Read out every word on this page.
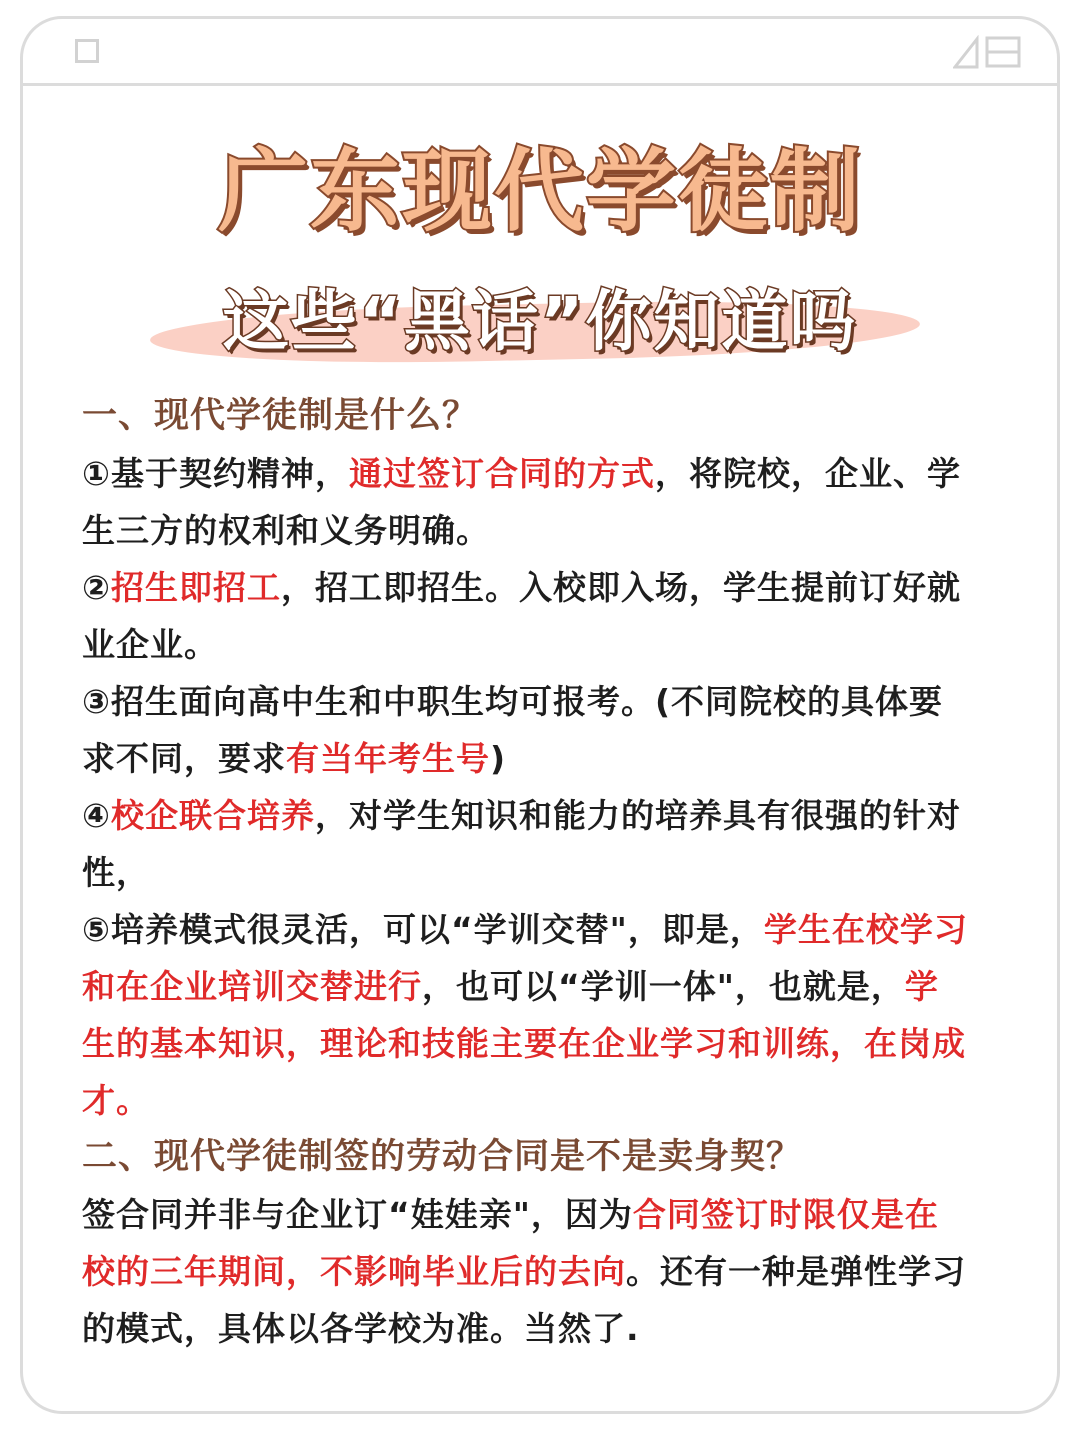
广东现代学徒制
这些“黑话”你知道吗

一、现代学徒制是什么？

①基于契约精神，通过签订合同的方式，将院校，企业、学生三方的权利和义务明确。

②招生即招工，招工即招生。入校即入场，学生提前订好就业企业。

③招生面向高中生和中职生均可报考。(不同院校的具体要求不同，要求有当年考生号)

④校企联合培养，对学生知识和能力的培养具有很强的针对性，

⑤培养模式很灵活，可以“学训交替"，即是，学生在校学习和在企业培训交替进行，也可以“学训一体"，也就是，学生的基本知识，理论和技能主要在企业学习和训练，在岗成才。

二、现代学徒制签的劳动合同是不是卖身契？

签合同并非与企业订“娃娃亲"，因为合同签订时限仅是在校的三年期间，不影响毕业后的去向。还有一种是弹性学习的模式，具体以各学校为准。当然了.
